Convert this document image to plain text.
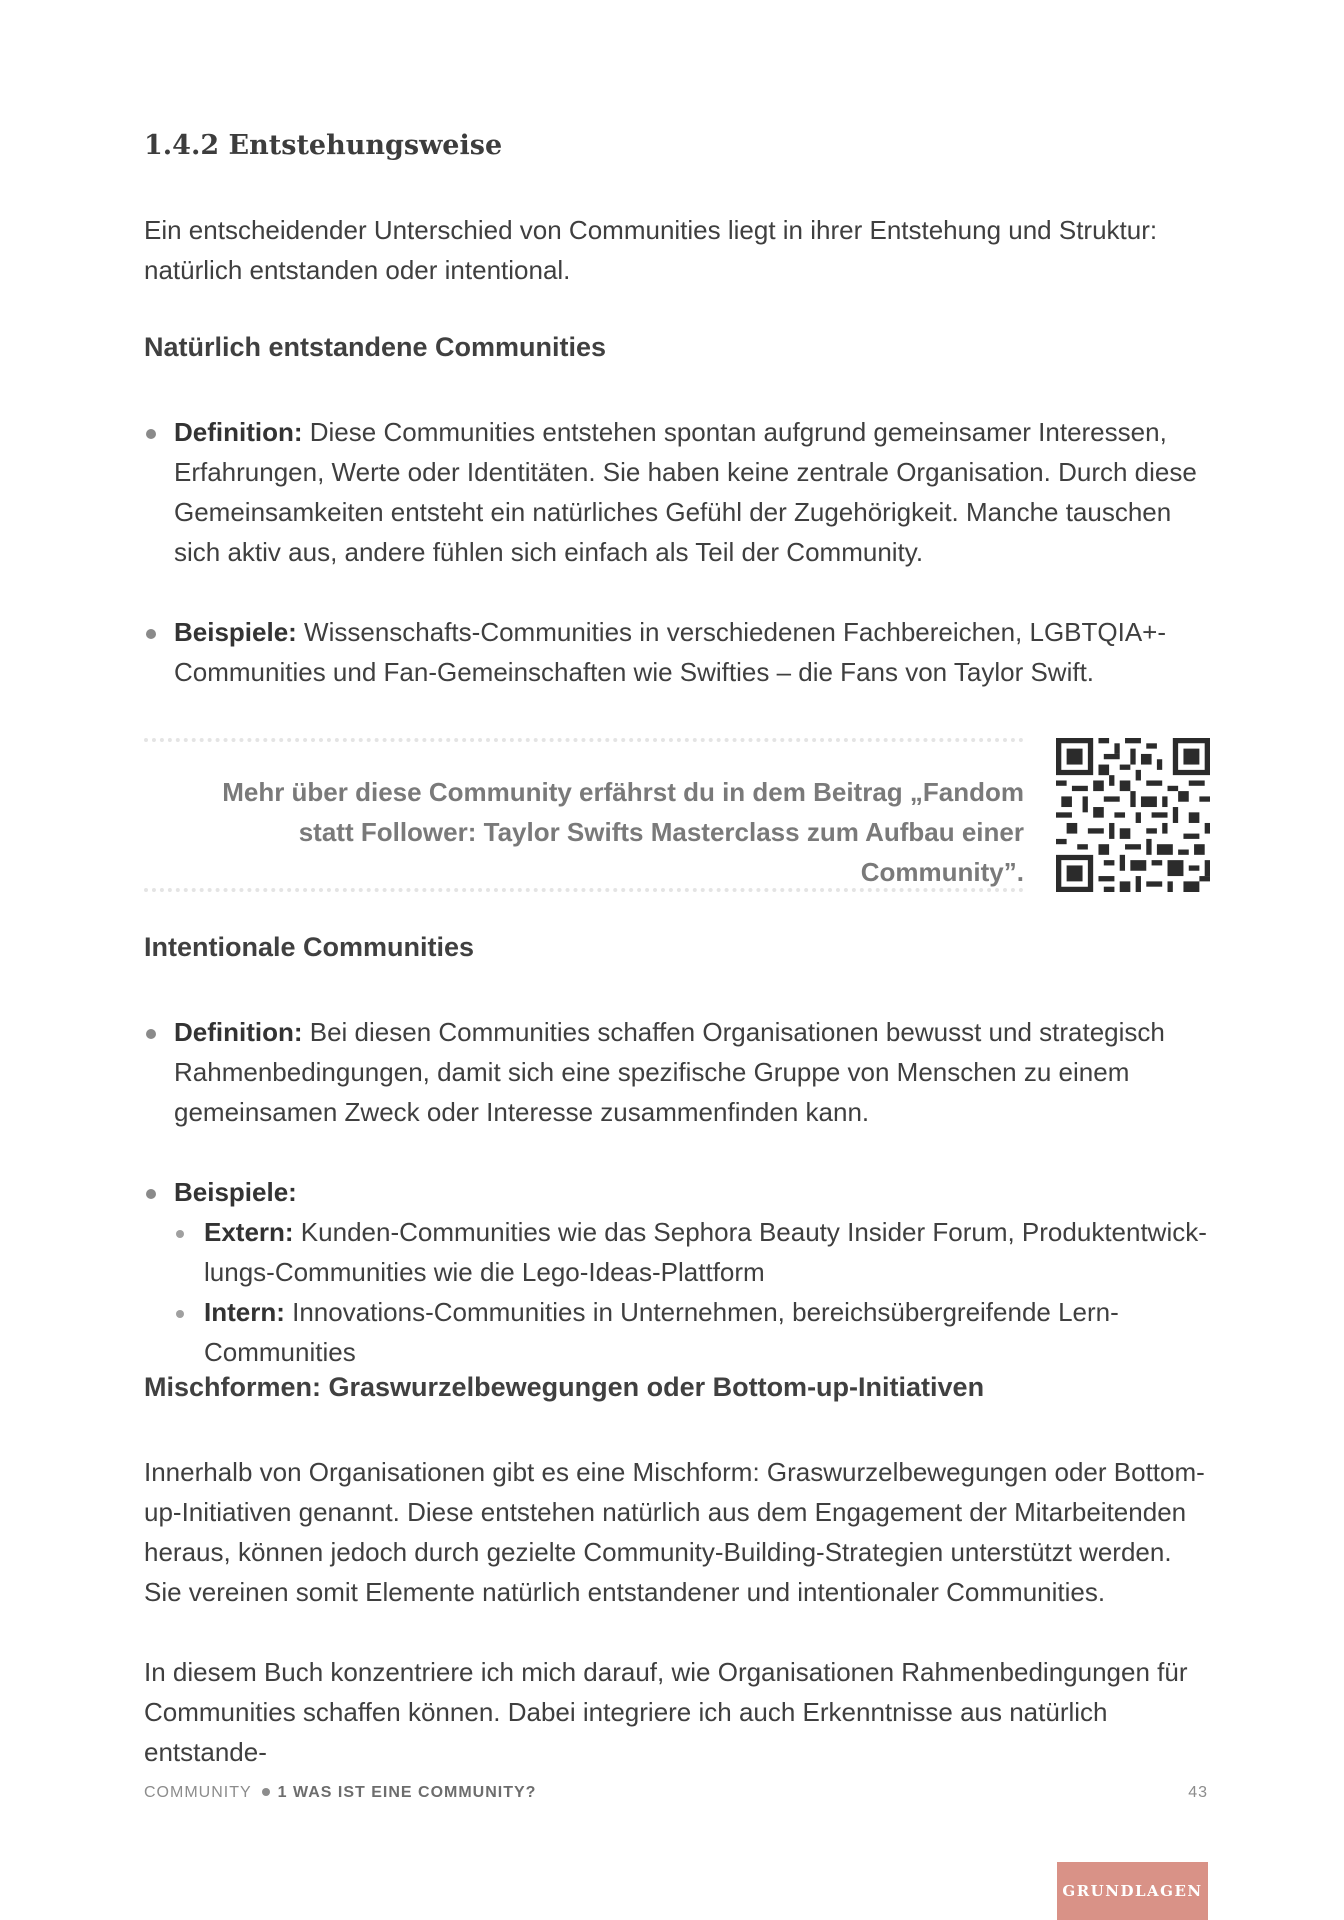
1.4.2 Entstehungsweise

Ein entscheidender Unterschied von Communities liegt in ihrer Entstehung und Struktur: natürlich entstanden oder intentional.

Natürlich entstandene Communities
Definition: Diese Communities entstehen spontan aufgrund gemeinsamer Interessen, Erfahrungen, Werte oder Identitäten. Sie haben keine zentrale Organisation. Durch diese Gemeinsamkeiten entsteht ein natürliches Gefühl der Zugehörigkeit. Manche tauschen sich aktiv aus, andere fühlen sich einfach als Teil der Community.
Beispiele: Wissenschafts-Communities in verschiedenen Fachbereichen, LGBTQIA+-Communities und Fan-Gemeinschaften wie Swifties – die Fans von Taylor Swift.

Mehr über diese Community erfährst du in dem Beitrag „Fandom statt Follower: Taylor Swifts Masterclass zum Aufbau einer Community”.

Intentionale Communities
Definition: Bei diesen Communities schaffen Organisationen bewusst und strategisch Rahmenbedingungen, damit sich eine spezifische Gruppe von Menschen zu einem gemeinsamen Zweck oder Interesse zusammenfinden kann.
Beispiele:
Extern: Kunden-Communities wie das Sephora Beauty Insider Forum, Produktentwicklungs-Communities wie die Lego-Ideas-Plattform
Intern: Innovations-Communities in Unternehmen, bereichsübergreifende Lern-Communities
Mischformen: Graswurzelbewegungen oder Bottom-up-Initiativen

Innerhalb von Organisationen gibt es eine Mischform: Graswurzelbewegungen oder Bottom-up-Initiativen genannt. Diese entstehen natürlich aus dem Engagement der Mitarbeitenden heraus, können jedoch durch gezielte Community-Building-Strategien unterstützt werden. Sie vereinen somit Elemente natürlich entstandener und intentionaler Communities.

In diesem Buch konzentriere ich mich darauf, wie Organisationen Rahmenbedingungen für Communities schaffen können. Dabei integriere ich auch Erkenntnisse aus natürlich entstande-

COMMUNITY 1 WAS IST EINE COMMUNITY?	43
GRUNDLAGEN
